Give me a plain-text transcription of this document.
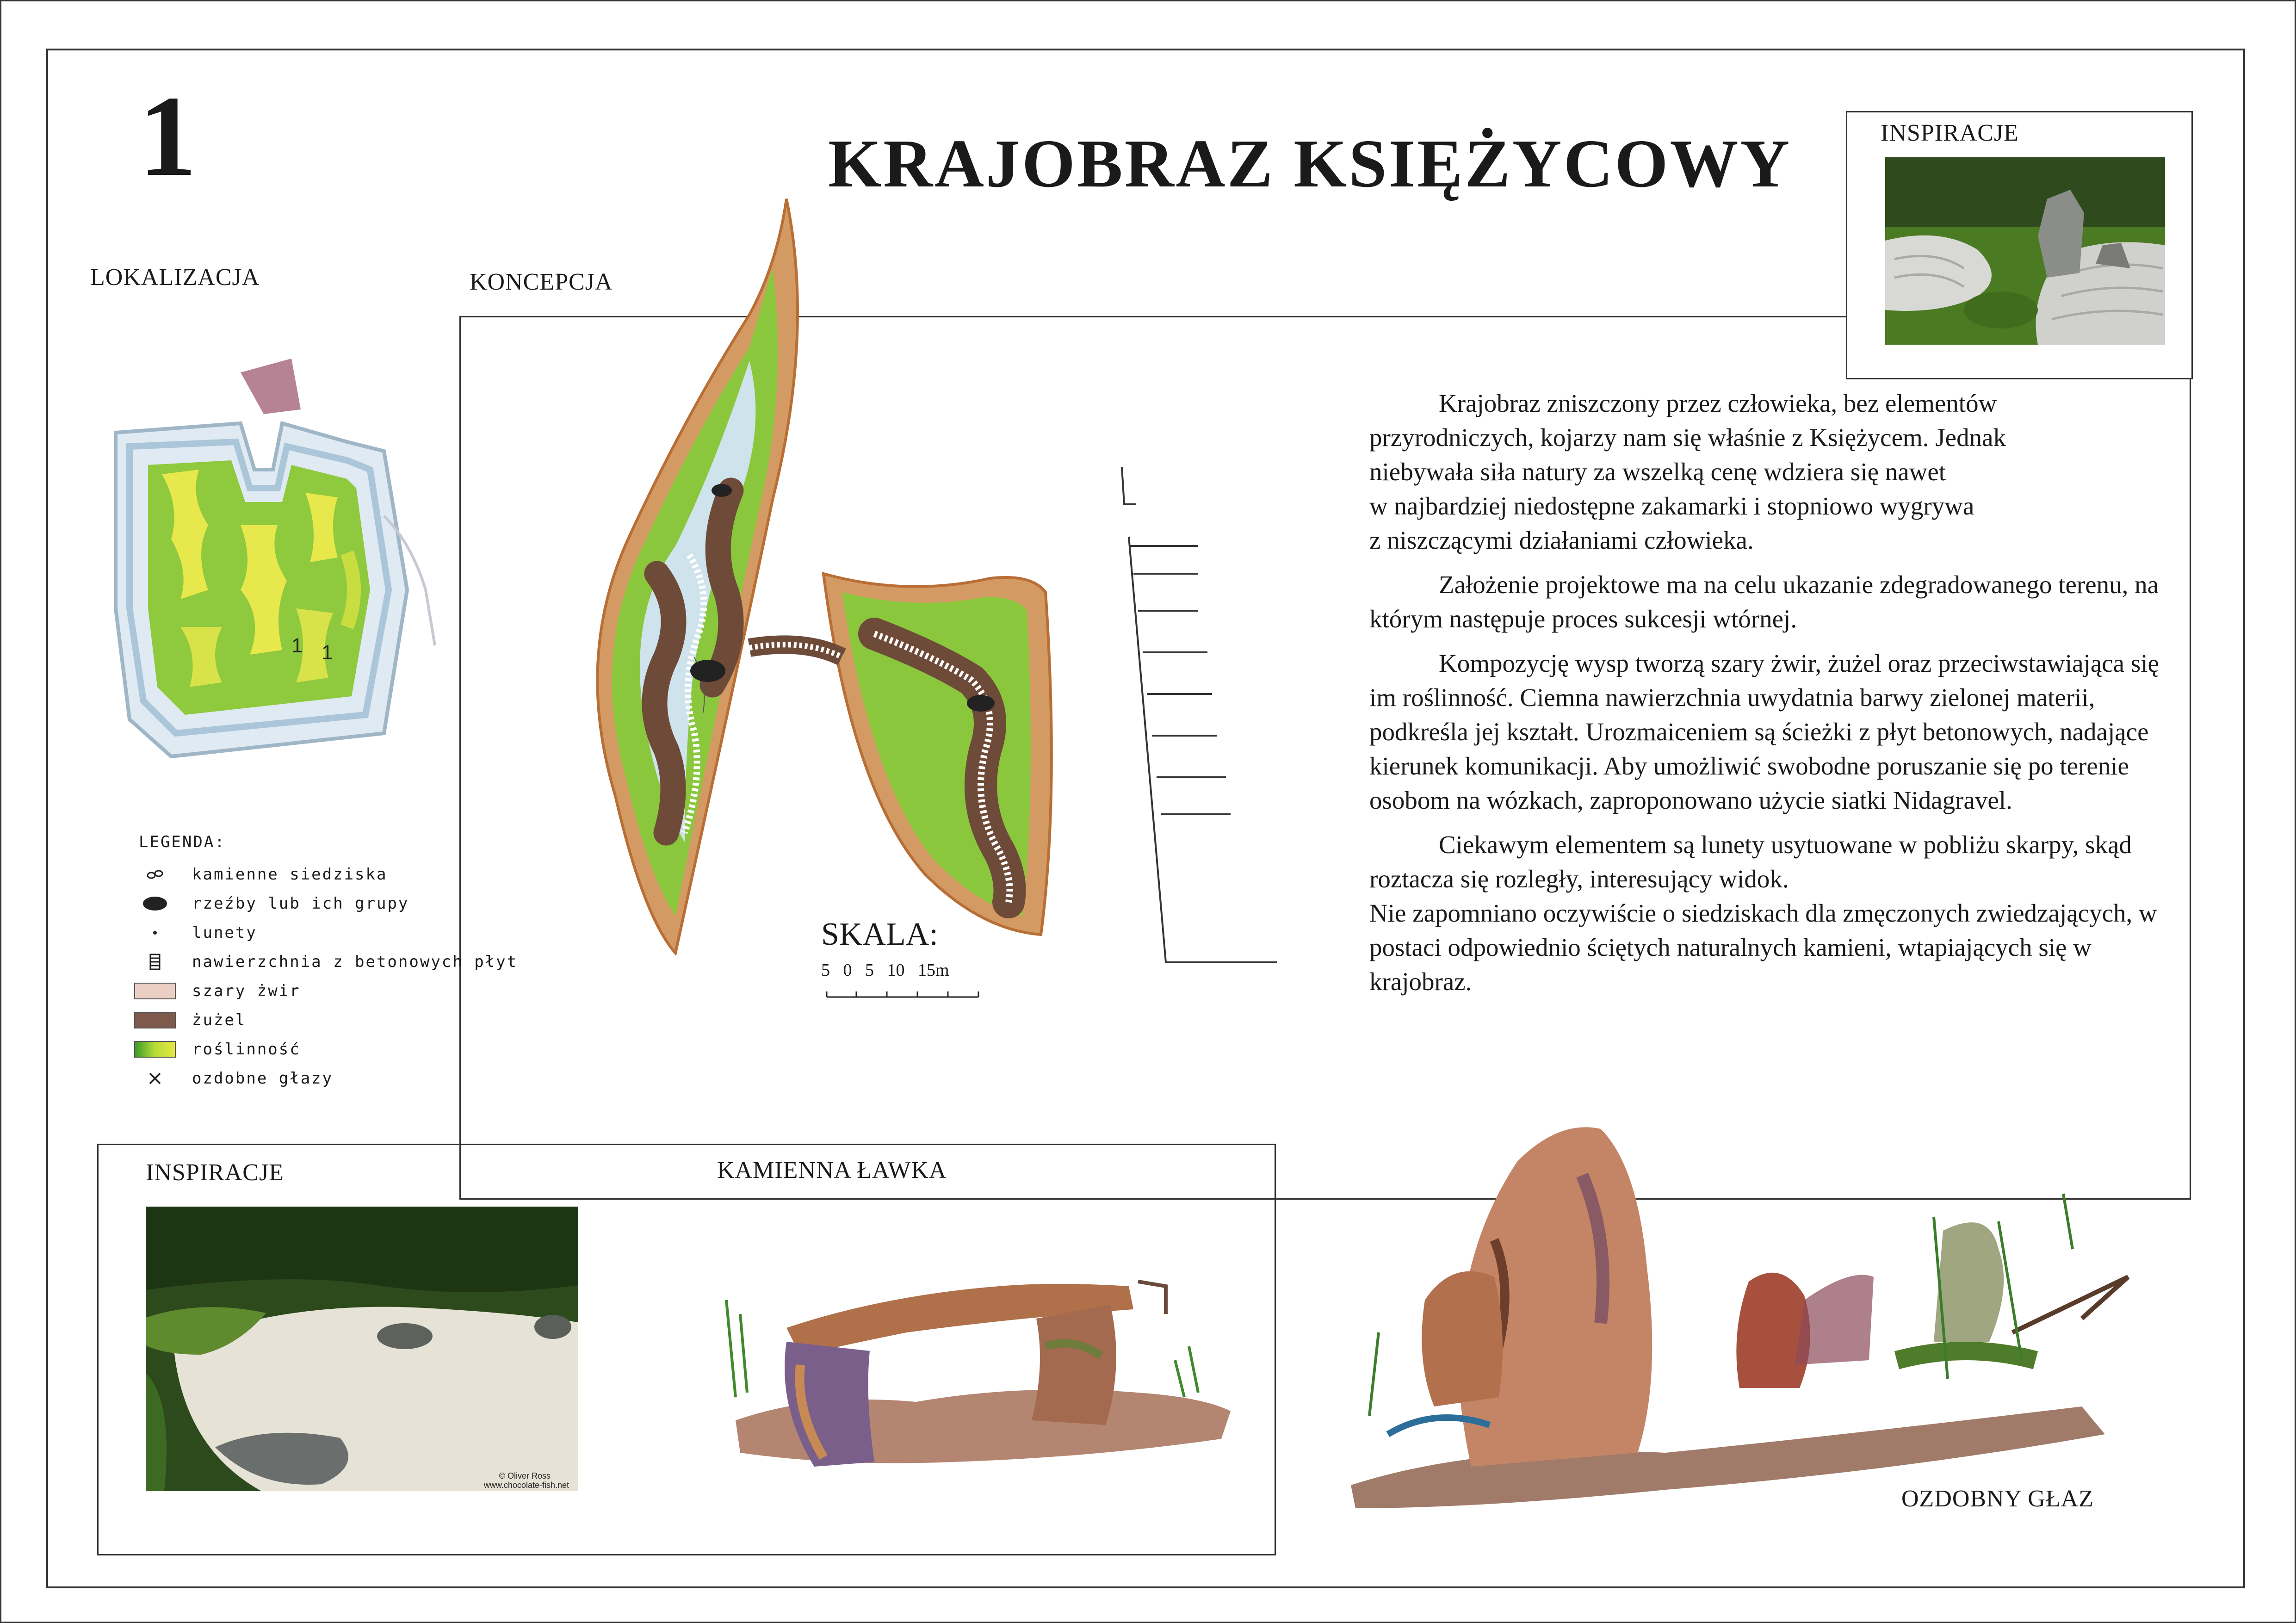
1	KRAJOBRAZ KSIĘŻYCOWY
LOKALIZACJA	KONCEPCJA
INSPIRACJE
1 1
LEGENDA:
kamienne siedziska
rzeźby lub ich grupy
lunety
nawierzchnia z betonowych płyt
szary żwir
żużel
roślinność
ozdobne głazy
SKALA:
5   0   5   10   15m

Krajobraz zniszczony przez człowieka, bez elementów
przyrodniczych, kojarzy nam się właśnie z Księżycem. Jednak
niebywała siła natury za wszelką cenę wdziera się nawet
w najbardziej niedostępne zakamarki i stopniowo wygrywa
z niszczącymi działaniami człowieka.

Założenie projektowe ma na celu ukazanie zdegradowanego terenu, na którym następuje proces sukcesji wtórnej.

Kompozycję wysp tworzą szary żwir, żużel oraz przeciwstawiająca się im roślinność. Ciemna nawierzchnia uwydatnia barwy zielonej materii, podkreśla jej kształt. Urozmaiceniem są ścieżki z płyt betonowych, nadające kierunek komunikacji. Aby umożliwić swobodne poruszanie się po terenie osobom na wózkach, zaproponowano użycie siatki Nidagravel.

Ciekawym elementem są lunety usytuowane w pobliżu skarpy, skąd roztacza się rozległy, interesujący widok.

Nie zapomniano oczywiście o siedziskach dla zmęczonych zwiedzających, w postaci odpowiednio ściętych naturalnych kamieni, wtapiających się w krajobraz.

INSPIRACJE	KAMIENNA ŁAWKA
© Oliver Ross
www.chocolate-fish.net
OZDOBNY GŁAZ
